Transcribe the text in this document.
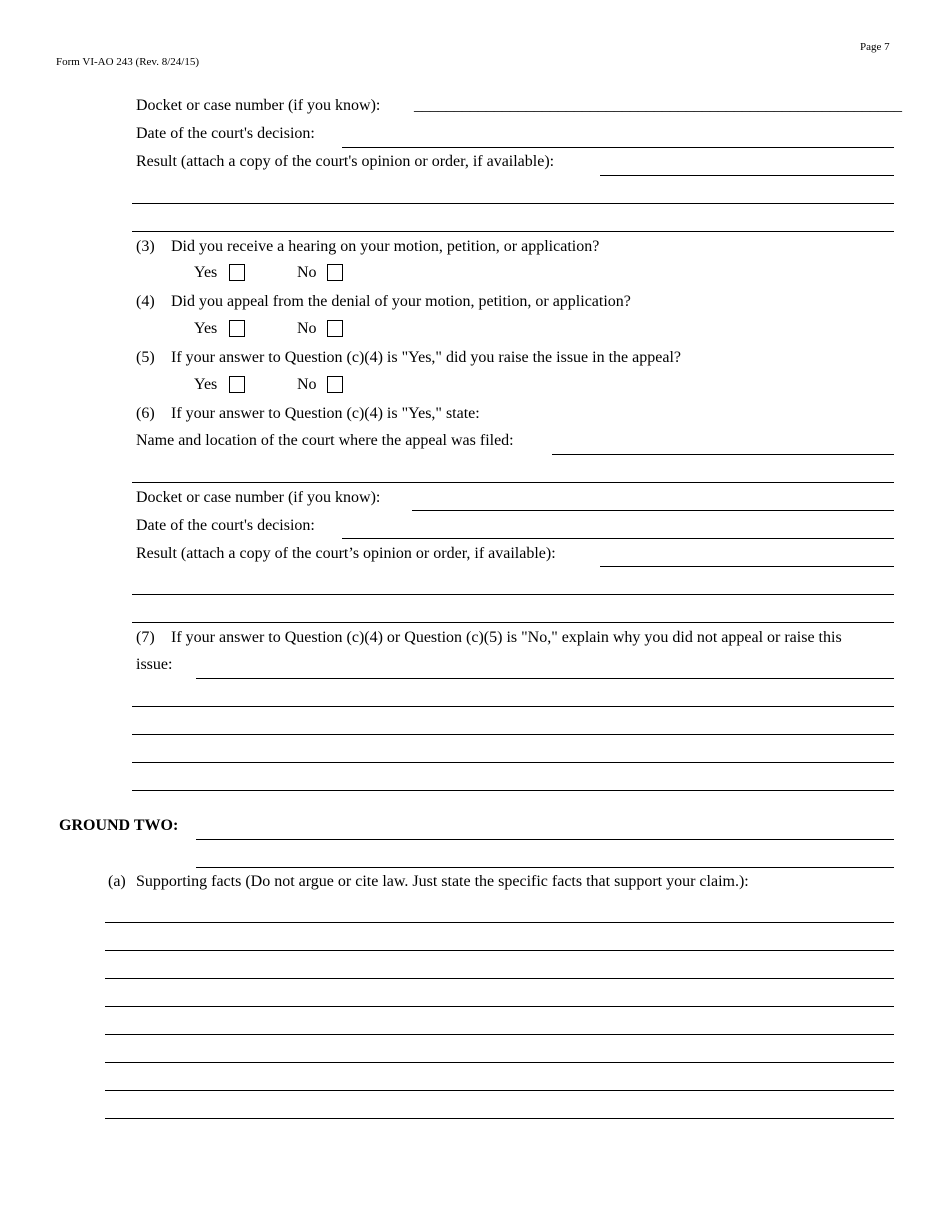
Page 7
Form VI-AO 243 (Rev. 8/24/15)
Docket or case number (if you know): _____________________________________________________________
Date of the court's decision:
Result (attach a copy of the court's opinion or order, if available):
(3) Did you receive a hearing on your motion, petition, or application?
Yes	No
(4) Did you appeal from the denial of your motion, petition, or application?
Yes	No
(5) If your answer to Question (c)(4) is "Yes," did you raise the issue in the appeal?
Yes	No
(6) If your answer to Question (c)(4) is "Yes," state:
Name and location of the court where the appeal was filed:
Docket or case number (if you know):
Date of the court's decision:
Result (attach a copy of the court’s opinion or order, if available):
(7) If your answer to Question (c)(4) or Question (c)(5) is "No," explain why you did not appeal or raise this
issue:
GROUND TWO:
(a) Supporting facts (Do not argue or cite law. Just state the specific facts that support your claim.):
